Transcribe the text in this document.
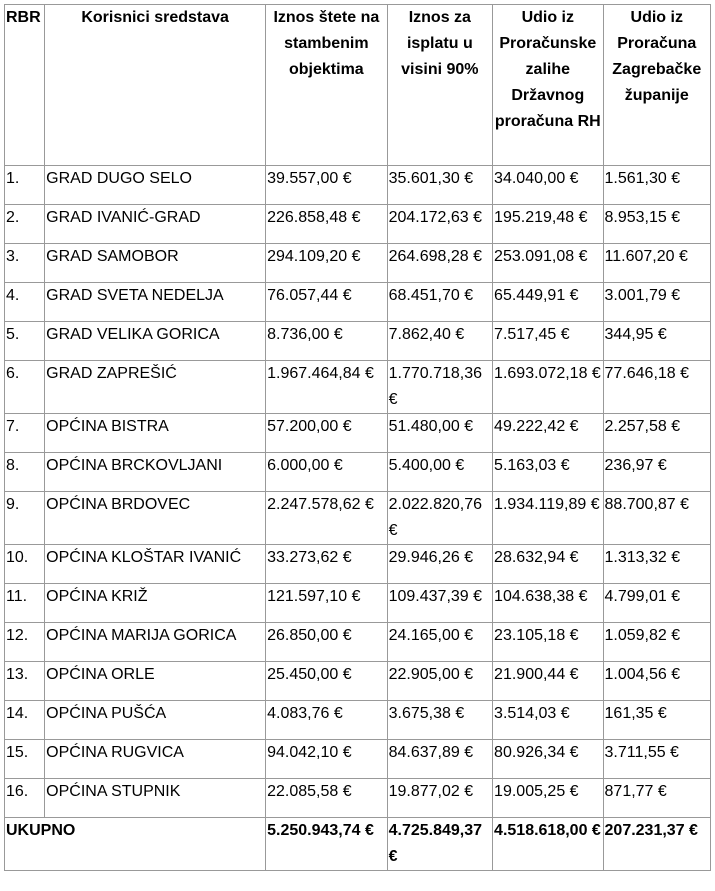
RBR	Korisnici sredstava	Iznos štete na stambenim objektima	Iznos za isplatu u visini 90%	Udio iz Proračunske zalihe Državnog proračuna RH	Udio iz Proračuna Zagrebačke županije
1.	GRAD DUGO SELO	39.557,00 €	35.601,30 €	34.040,00 €	1.561,30 €
2.	GRAD IVANIĆ-GRAD	226.858,48 €	204.172,63 €	195.219,48 €	8.953,15 €
3.	GRAD SAMOBOR	294.109,20 €	264.698,28 €	253.091,08 €	11.607,20 €
4.	GRAD SVETA NEDELJA	76.057,44 €	68.451,70 €	65.449,91 €	3.001,79 €
5.	GRAD VELIKA GORICA	8.736,00 €	7.862,40 €	7.517,45 €	344,95 €
6.	GRAD ZAPREŠIĆ	1.967.464,84 €	1.770.718,36 €	1.693.072,18 €	77.646,18 €
7.	OPĆINA BISTRA	57.200,00 €	51.480,00 €	49.222,42 €	2.257,58 €
8.	OPĆINA BRCKOVLJANI	6.000,00 €	5.400,00 €	5.163,03 €	236,97 €
9.	OPĆINA BRDOVEC	2.247.578,62 €	2.022.820,76 €	1.934.119,89 €	88.700,87 €
10.	OPĆINA KLOŠTAR IVANIĆ	33.273,62 €	29.946,26 €	28.632,94 €	1.313,32 €
11.	OPĆINA KRIŽ	121.597,10 €	109.437,39 €	104.638,38 €	4.799,01 €
12.	OPĆINA MARIJA GORICA	26.850,00 €	24.165,00 €	23.105,18 €	1.059,82 €
13.	OPĆINA ORLE	25.450,00 €	22.905,00 €	21.900,44 €	1.004,56 €
14.	OPĆINA PUŠĆA	4.083,76 €	3.675,38 €	3.514,03 €	161,35 €
15.	OPĆINA RUGVICA	94.042,10 €	84.637,89 €	80.926,34 €	3.711,55 €
16.	OPĆINA STUPNIK	22.085,58 €	19.877,02 €	19.005,25 €	871,77 €
UKUPNO		5.250.943,74 €	4.725.849,37 €	4.518.618,00 €	207.231,37 €
